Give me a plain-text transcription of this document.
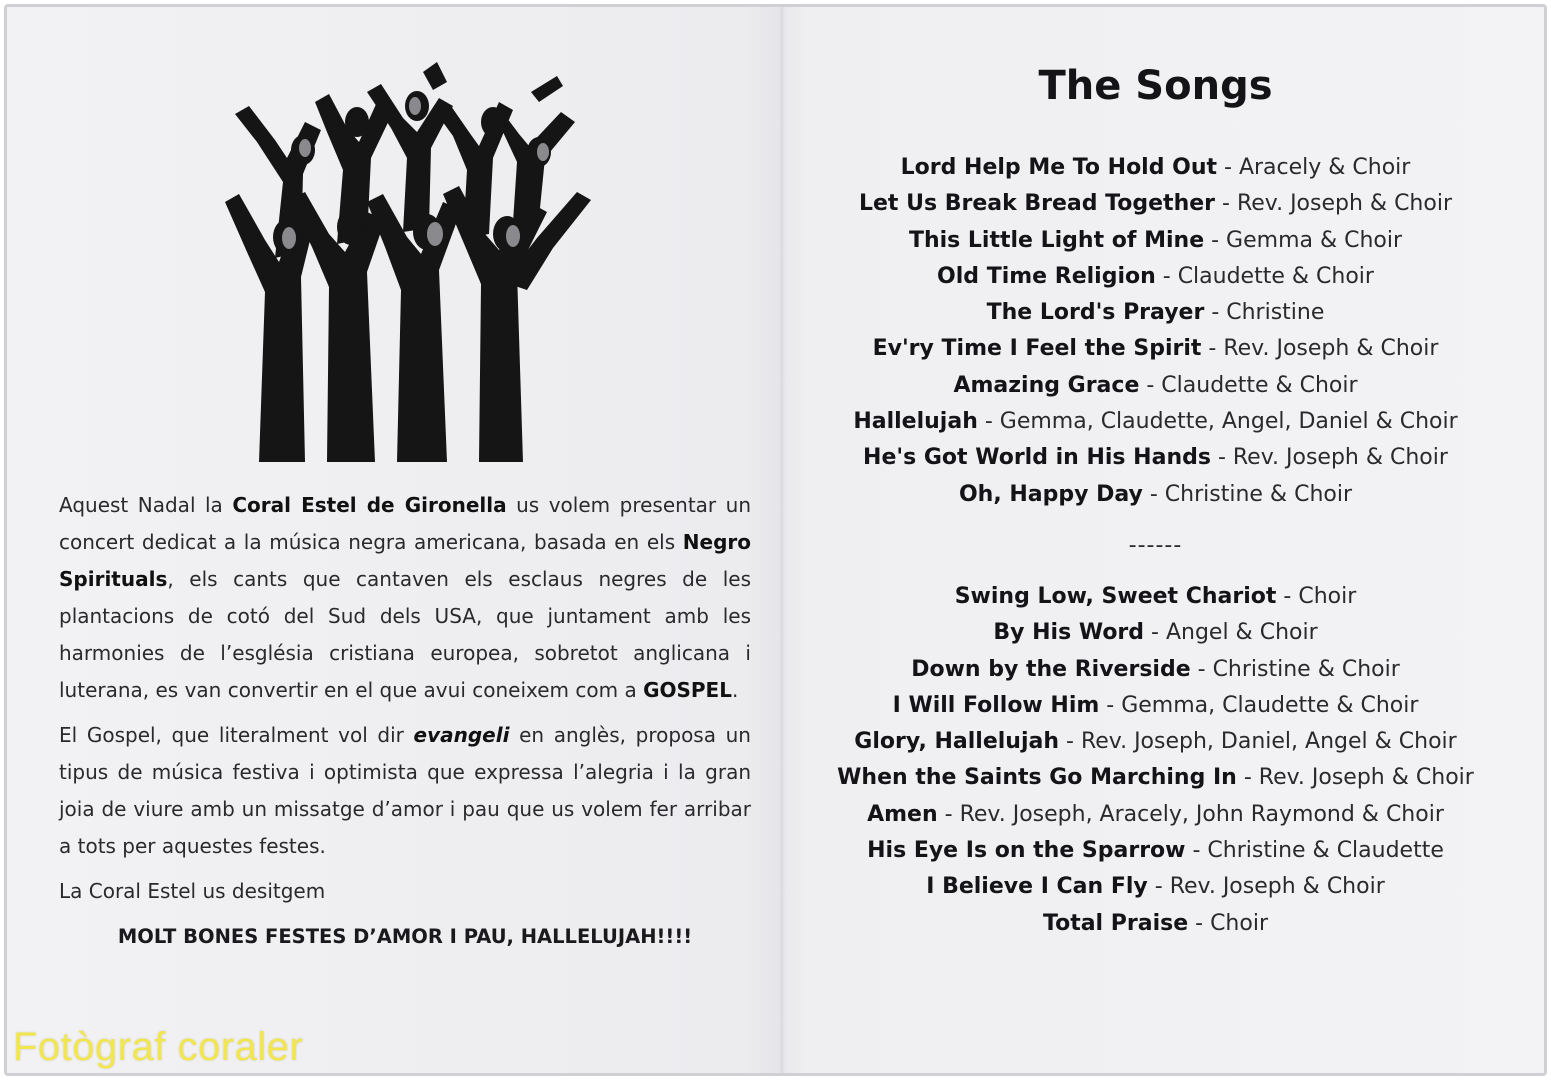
Aquest Nadal la Coral Estel de Gironella us volem presentar un concert dedicat a la música negra americana, basada en els Negro Spirituals, els cants que cantaven els esclaus negres de les plantacions de cotó del Sud dels USA, que juntament amb les harmonies de l’església cristiana europea, sobretot anglicana i luterana, es van convertir en el que avui coneixem com a GOSPEL.

El Gospel, que literalment vol dir evangeli en anglès, proposa un tipus de música festiva i optimista que expressa l’alegria i la gran joia de viure amb un missatge d’amor i pau que us volem fer arribar a tots per aquestes festes.

La Coral Estel us desitgem

MOLT BONES FESTES D’AMOR I PAU, HALLELUJAH!!!!

Fotògraf coraler
The Songs
Lord Help Me To Hold Out - Aracely & Choir
Let Us Break Bread Together - Rev. Joseph & Choir
This Little Light of Mine - Gemma & Choir
Old Time Religion - Claudette & Choir
The Lord's Prayer - Christine
Ev'ry Time I Feel the Spirit - Rev. Joseph & Choir
Amazing Grace - Claudette & Choir
Hallelujah - Gemma, Claudette, Angel, Daniel & Choir
He's Got World in His Hands - Rev. Joseph & Choir
Oh, Happy Day - Christine & Choir
------
Swing Low, Sweet Chariot - Choir
By His Word - Angel & Choir
Down by the Riverside - Christine & Choir
I Will Follow Him - Gemma, Claudette & Choir
Glory, Hallelujah - Rev. Joseph, Daniel, Angel & Choir
When the Saints Go Marching In - Rev. Joseph & Choir
Amen - Rev. Joseph, Aracely, John Raymond & Choir
His Eye Is on the Sparrow - Christine & Claudette
I Believe I Can Fly - Rev. Joseph & Choir
Total Praise - Choir
